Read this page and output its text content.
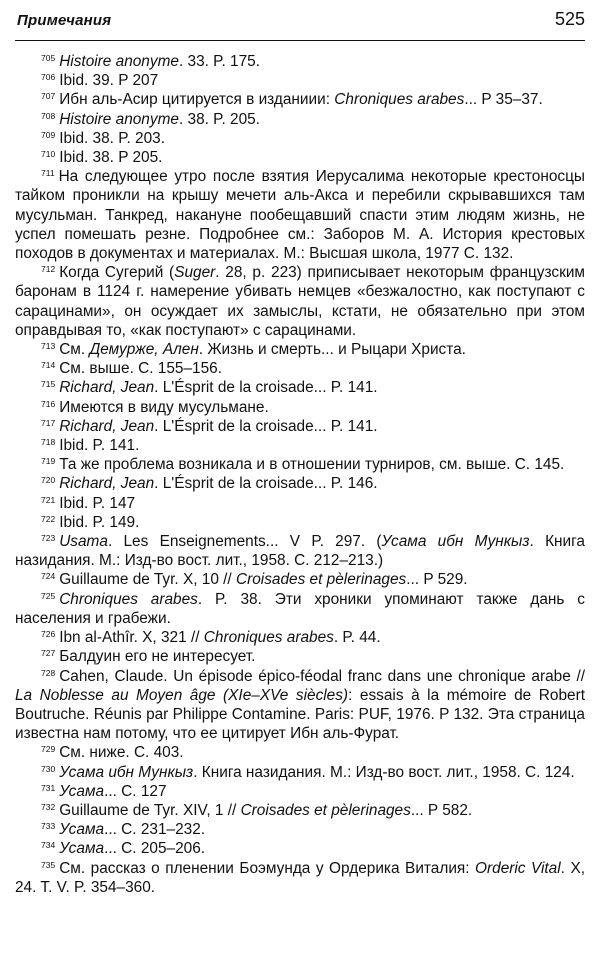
Примечания	525

$^{705}$ Histoire anonyme. 33. P. 175.

$^{706}$ Ibid. 39. P 207

$^{707}$ Ибн аль-Асир цитируется в изданиии: Chroniques arabes... P 35–37.

$^{708}$ Histoire anonyme. 38. P. 205.

$^{709}$ Ibid. 38. P. 203.

$^{710}$ Ibid. 38. P 205.

$^{711}$ На следующее утро после взятия Иерусалима некоторые крестоносцы тайком проникли на крышу мечети аль-Акса и перебили скрывавшихся там мусульман. Танкред, накануне пообещавший спасти этим людям жизнь, не успел помешать резне. Подробнее см.: Заборов М. А. История крестовых походов в документах и материалах. М.: Высшая школа, 1977 С. 132.

$^{712}$ Когда Сугерий (Suger. 28, p. 223) приписывает некоторым французским баронам в 1124 г. намерение убивать немцев «безжалостно, как поступают с сарацинами», он осуждает их замыслы, кстати, не обязательно при этом оправдывая то, «как поступают» с сарацинами.

$^{713}$ См. Демурже, Ален. Жизнь и смерть... и Рыцари Христа.

$^{714}$ См. выше. С. 155–156.

$^{715}$ Richard, Jean. L'Ésprit de la croisade... P. 141.

$^{716}$ Имеются в виду мусульмане.

$^{717}$ Richard, Jean. L'Ésprit de la croisade... P. 141.

$^{718}$ Ibid. P. 141.

$^{719}$ Та же проблема возникала и в отношении турниров, см. выше. С. 145.

$^{720}$ Richard, Jean. L'Ésprit de la croisade... P. 146.

$^{721}$ Ibid. P. 147

$^{722}$ Ibid. P. 149.

$^{723}$ Usama. Les Enseignements... V P. 297. (Усама ибн Мункыз. Книга назидания. М.: Изд-во вост. лит., 1958. С. 212–213.)

$^{724}$ Guillaume de Tyr. X, 10 // Croisades et pèlerinages... P 529.

$^{725}$ Chroniques arabes. P. 38. Эти хроники упоминают также дань с населения и грабежи.

$^{726}$ Ibn al-Athîr. X, 321 // Chroniques arabes. P. 44.

$^{727}$ Балдуин его не интересует.

$^{728}$ Cahen, Claude. Un épisode épico-féodal franc dans une chronique arabe // La Noblesse au Moyen âge (XIe–XVe siècles): essais à la mémoire de Robert Boutruche. Réunis par Philippe Contamine. Paris: PUF, 1976. P 132. Эта страница известна нам потому, что ее цитирует Ибн аль-Фурат.

$^{729}$ См. ниже. С. 403.

$^{730}$ Усама ибн Мункыз. Книга назидания. М.: Изд-во вост. лит., 1958. С. 124.

$^{731}$ Усама... С. 127

$^{732}$ Guillaume de Tyr. XIV, 1 // Croisades et pèlerinages... P 582.

$^{733}$ Усама... С. 231–232.

$^{734}$ Усама... С. 205–206.

$^{735}$ См. рассказ о пленении Боэмунда у Ордерика Виталия: Orderic Vital. X, 24. T. V. P. 354–360.
